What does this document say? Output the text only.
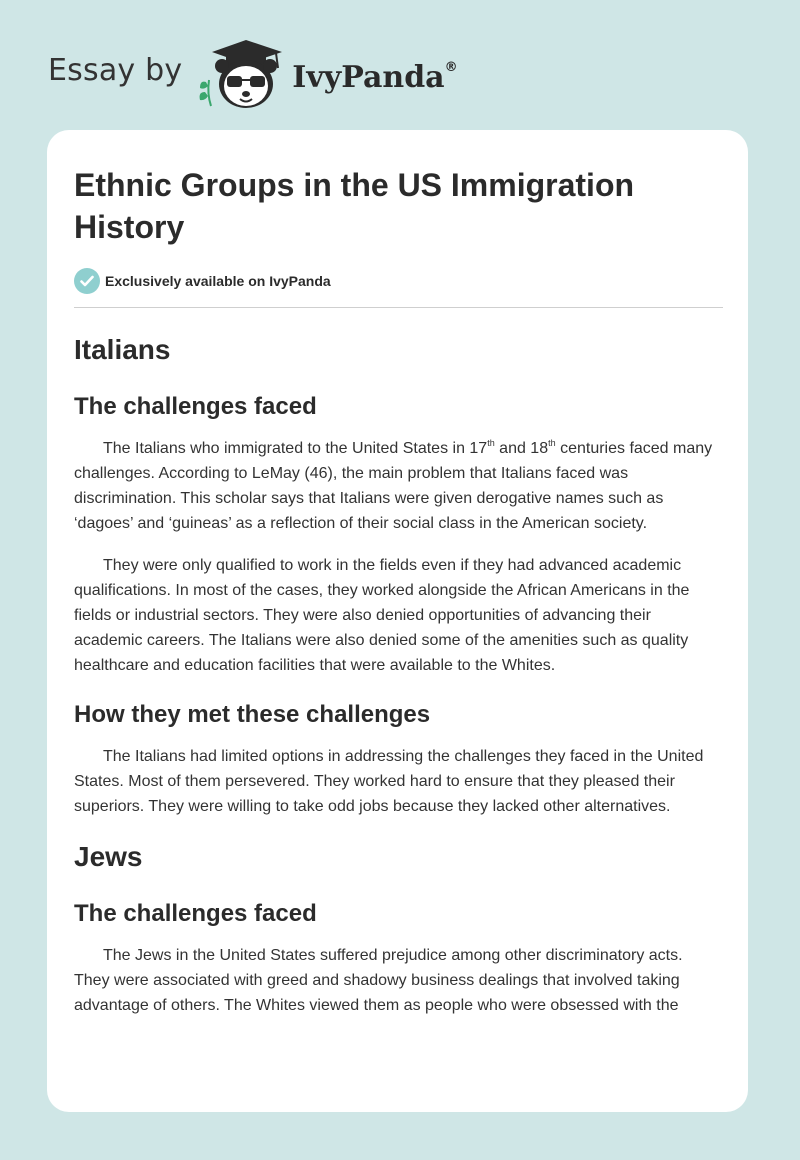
Essay by	IvyPanda®
Ethnic Groups in the US Immigration History
Exclusively available on IvyPanda
Italians
The challenges faced

The Italians who immigrated to the United States in 17th and 18th centuries faced many challenges. According to LeMay (46), the main problem that Italians faced was discrimination. This scholar says that Italians were given derogative names such as ‘dagoes’ and ‘guineas’ as a reflection of their social class in the American society.

They were only qualified to work in the fields even if they had advanced academic qualifications. In most of the cases, they worked alongside the African Americans in the fields or industrial sectors. They were also denied opportunities of advancing their academic careers. The Italians were also denied some of the amenities such as quality healthcare and education facilities that were available to the Whites.

How they met these challenges

The Italians had limited options in addressing the challenges they faced in the United States. Most of them persevered. They worked hard to ensure that they pleased their superiors. They were willing to take odd jobs because they lacked other alternatives.

Jews
The challenges faced

The Jews in the United States suffered prejudice among other discriminatory acts. They were associated with greed and shadowy business dealings that involved taking advantage of others. The Whites viewed them as people who were obsessed with the
